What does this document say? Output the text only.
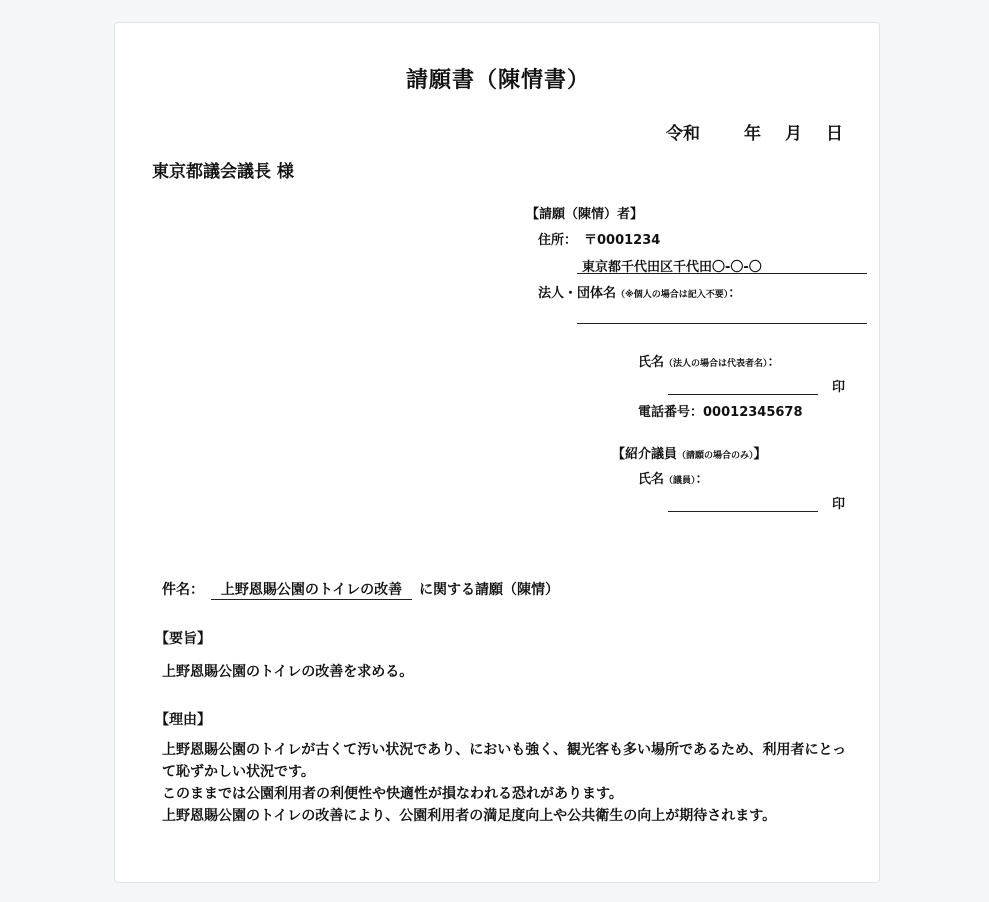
請願書（陳情書）
令和	年 月 日
東京都議会議長 様
【請願（陳情）者】
住所： 〒0001234
東京都千代田区千代田〇-〇-〇
法人・団体名（※個人の場合は記入不要）：
氏名（法人の場合は代表者名）：
印
電話番号：00012345678
【紹介議員（請願の場合のみ）】
氏名（議員）：
印
件名： 上野恩賜公園のトイレの改善 に関する請願（陳情）
【要旨】
上野恩賜公園のトイレの改善を求める。
【理由】
上野恩賜公園のトイレが古くて汚い状況であり、においも強く、観光客も多い場所であるため、利用者にとって恥ずかしい状況です。
このままでは公園利用者の利便性や快適性が損なわれる恐れがあります。
上野恩賜公園のトイレの改善により、公園利用者の満足度向上や公共衛生の向上が期待されます。
